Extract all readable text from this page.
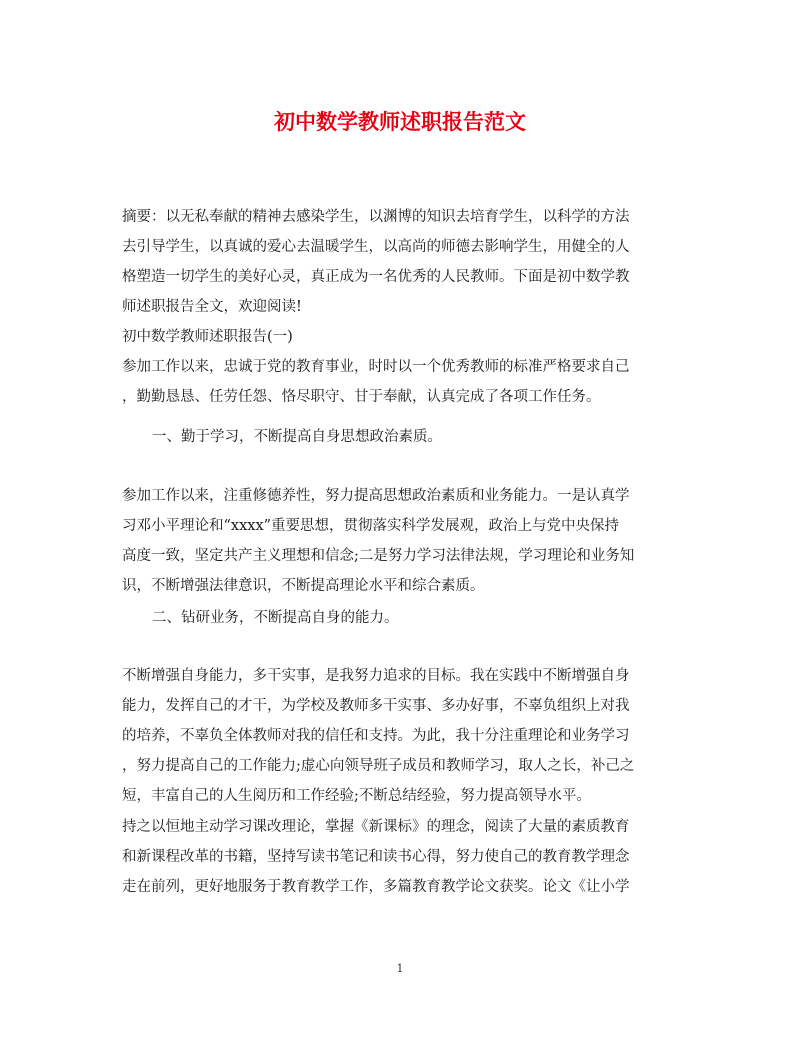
初中数学教师述职报告范文
摘要：以无私奉献的精神去感染学生，以渊博的知识去培育学生，以科学的方法
去引导学生，以真诚的爱心去温暖学生，以高尚的师德去影响学生，用健全的人
格塑造一切学生的美好心灵，真正成为一名优秀的人民教师。下面是初中数学教
师述职报告全文，欢迎阅读!
初中数学教师述职报告(一)
参加工作以来，忠诚于党的教育事业，时时以一个优秀教师的标准严格要求自己
，勤勤恳恳、任劳任怨、恪尽职守、甘于奉献，认真完成了各项工作任务。
一、勤于学习，不断提高自身思想政治素质。
参加工作以来，注重修德养性，努力提高思想政治素质和业务能力。一是认真学
习邓小平理论和“xxxx”重要思想，贯彻落实科学发展观，政治上与党中央保持
高度一致，坚定共产主义理想和信念;二是努力学习法律法规，学习理论和业务知
识，不断增强法律意识，不断提高理论水平和综合素质。
二、钻研业务，不断提高自身的能力。
不断增强自身能力，多干实事，是我努力追求的目标。我在实践中不断增强自身
能力，发挥自己的才干，为学校及教师多干实事、多办好事，不辜负组织上对我
的培养，不辜负全体教师对我的信任和支持。为此，我十分注重理论和业务学习
，努力提高自己的工作能力;虚心向领导班子成员和教师学习，取人之长，补己之
短，丰富自己的人生阅历和工作经验;不断总结经验，努力提高领导水平。
持之以恒地主动学习课改理论，掌握《新课标》的理念，阅读了大量的素质教育
和新课程改革的书籍，坚持写读书笔记和读书心得，努力使自己的教育教学理念
走在前列，更好地服务于教育教学工作，多篇教育教学论文获奖。论文《让小学
1
